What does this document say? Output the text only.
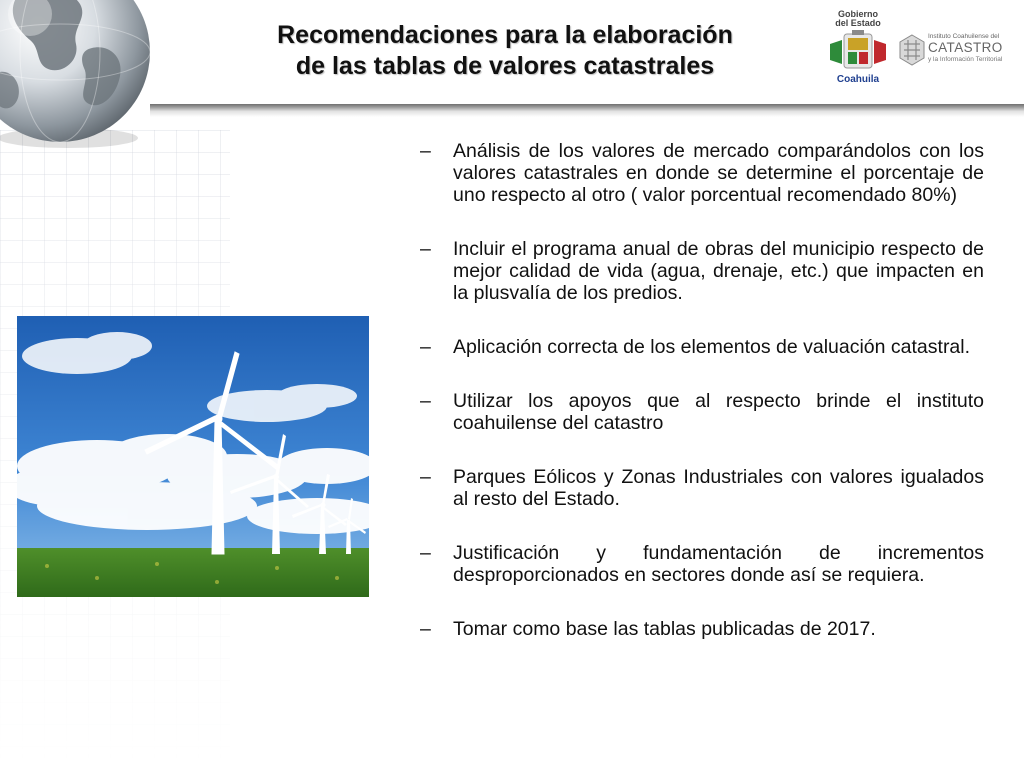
Recomendaciones para la elaboración
de las tablas de valores catastrales
Gobierno
del Estado
Coahuila
Instituto Coahuilense del
CATASTRO
y la Información Territorial
– Análisis de los valores de mercado comparándolos con los valores catastrales en donde se determine el porcentaje de uno respecto al otro ( valor porcentual recomendado 80%)
– Incluir el programa anual de obras del municipio respecto de mejor calidad de vida (agua, drenaje, etc.) que impacten en la plusvalía de los predios.
– Aplicación correcta de los elementos de valuación catastral.
– Utilizar los apoyos que al respecto brinde el instituto coahuilense del catastro
– Parques Eólicos y Zonas Industriales con valores igualados al resto del Estado.
– Justificación y fundamentación de incrementos desproporcionados en sectores donde así se requiera.
– Tomar como base las tablas publicadas de 2017.
